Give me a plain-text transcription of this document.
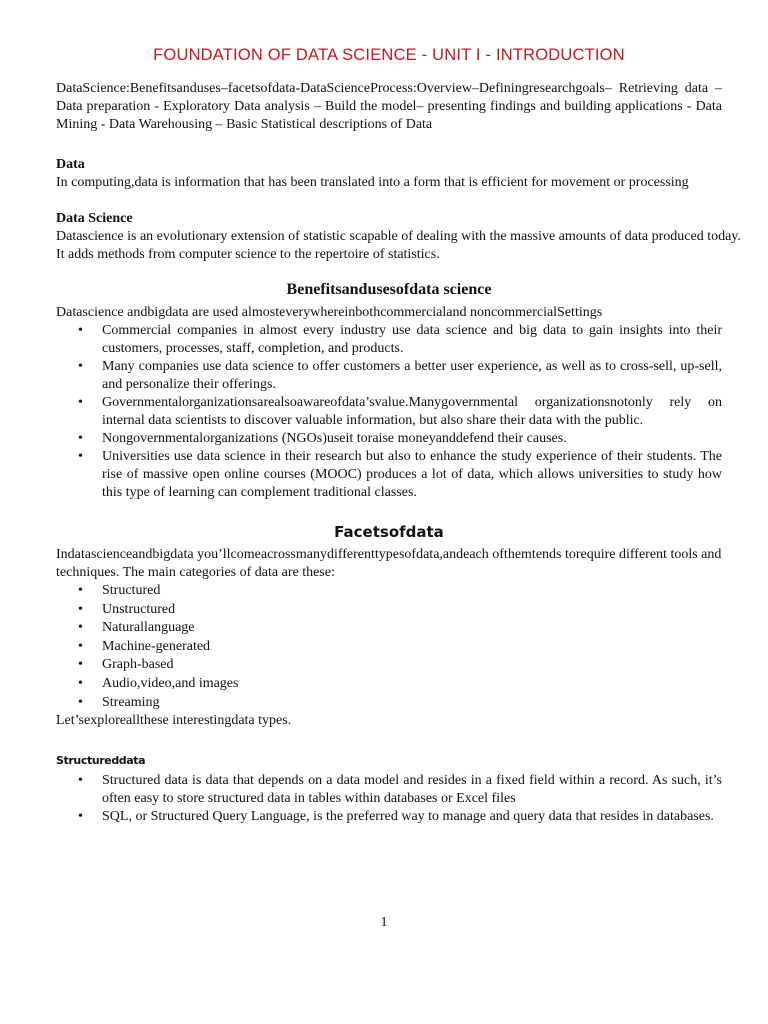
FOUNDATION OF DATA SCIENCE - UNIT I - INTRODUCTION

DataScience:Benefitsanduses–facetsofdata-DataScienceProcess:Overview–Definingresearchgoals– Retrieving data – Data preparation - Exploratory Data analysis – Build the model– presenting findings and building applications - Data Mining - Data Warehousing – Basic Statistical descriptions of Data

Data

In computing,data is information that has been translated into a form that is efficient for movement or processing

Data Science

Datascience is an evolutionary extension of statistic scapable of dealing with the massive amounts of data produced today. It adds methods from computer science to the repertoire of statistics.

Benefitsandusesofdata science

Datascience andbigdata are used almosteverywhereinbothcommercialand noncommercialSettings

• Commercial companies in almost every industry use data science and big data to gain insights into their customers, processes, staff, completion, and products.
• Many companies use data science to offer customers a better user experience, as well as to cross-sell, up-sell, and personalize their offerings.
• Governmentalorganizationsarealsoawareofdata’svalue.Manygovernmental organizationsnotonly rely on internal data scientists to discover valuable information, but also share their data with the public.
• Nongovernmentalorganizations (NGOs)useit toraise moneyanddefend their causes.
• Universities use data science in their research but also to enhance the study experience of their students. The rise of massive open online courses (MOOC) produces a lot of data, which allows universities to study how this type of learning can complement traditional classes.
Facetsofdata

Indatascienceandbigdata you’llcomeacrossmanydifferenttypesofdata,andeach ofthemtends torequire different tools and techniques. The main categories of data are these:

• Structured
• Unstructured
• Naturallanguage
• Machine-generated
• Graph-based
• Audio,video,and images
• Streaming

Let’sexploreallthese interestingdata types.

Structureddata

• Structured data is data that depends on a data model and resides in a fixed field within a record. As such, it’s often easy to store structured data in tables within databases or Excel files
• SQL, or Structured Query Language, is the preferred way to manage and query data that resides in databases.
1
